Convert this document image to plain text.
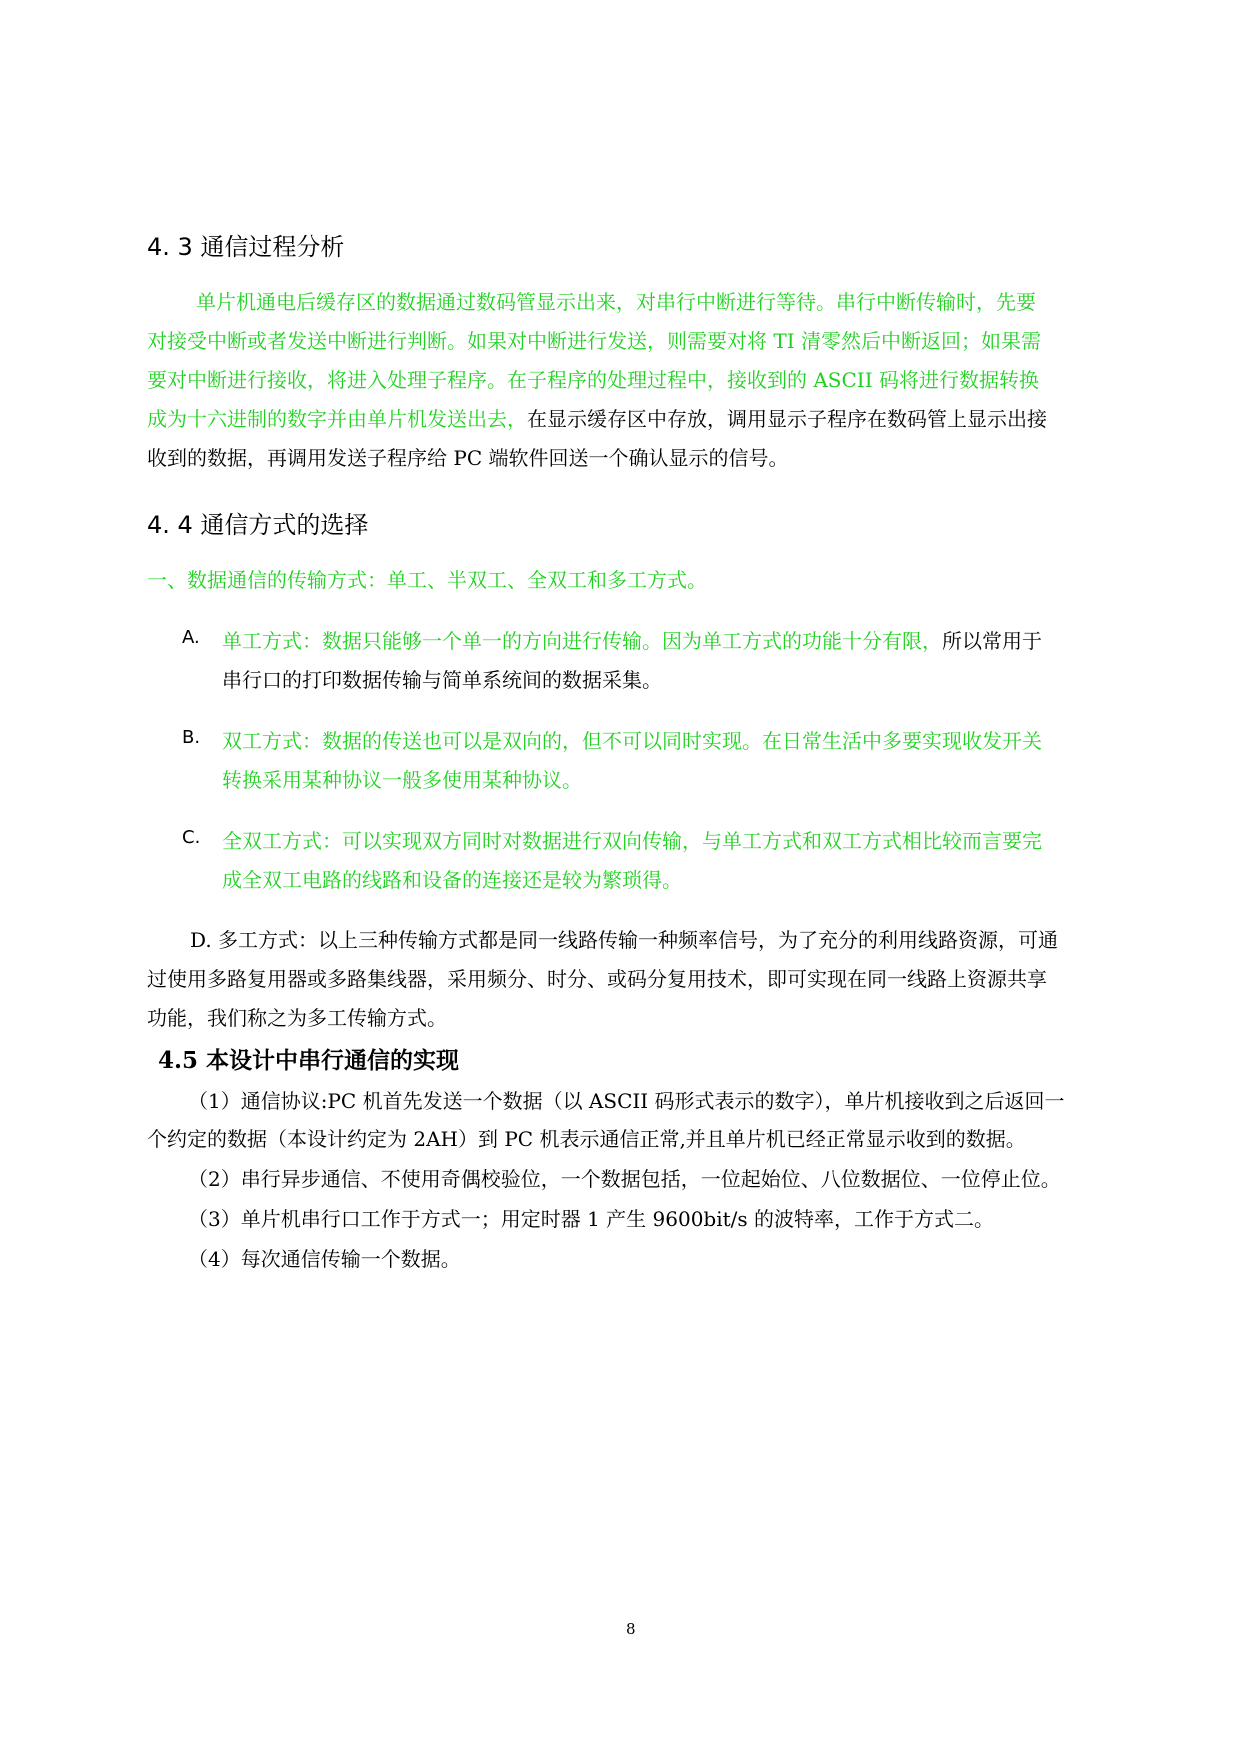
4. 3 通信过程分析
单片机通电后缓存区的数据通过数码管显示出来，对串行中断进行等待。串行中断传输时，先要
对接受中断或者发送中断进行判断。如果对中断进行发送，则需要对将 TI 清零然后中断返回；如果需
要对中断进行接收，将进入处理子程序。在子程序的处理过程中，接收到的 ASCII 码将进行数据转换
成为十六进制的数字并由单片机发送出去，在显示缓存区中存放，调用显示子程序在数码管上显示出接
收到的数据，再调用发送子程序给 PC 端软件回送一个确认显示的信号。
4. 4 通信方式的选择
一、数据通信的传输方式：单工、半双工、全双工和多工方式。
A. 单工方式：数据只能够一个单一的方向进行传输。因为单工方式的功能十分有限，所以常用于
串行口的打印数据传输与简单系统间的数据采集。
B. 双工方式：数据的传送也可以是双向的，但不可以同时实现。在日常生活中多要实现收发开关
转换采用某种协议一般多使用某种协议。
C. 全双工方式：可以实现双方同时对数据进行双向传输，与单工方式和双工方式相比较而言要完
成全双工电路的线路和设备的连接还是较为繁琐得。
D. 多工方式：以上三种传输方式都是同一线路传输一种频率信号，为了充分的利用线路资源，可通
过使用多路复用器或多路集线器，采用频分、时分、或码分复用技术，即可实现在同一线路上资源共享
功能，我们称之为多工传输方式。
4.5 本设计中串行通信的实现
（1）通信协议:PC 机首先发送一个数据（以 ASCII 码形式表示的数字），单片机接收到之后返回一
个约定的数据（本设计约定为 2AH）到 PC 机表示通信正常,并且单片机已经正常显示收到的数据。
（2）串行异步通信、不使用奇偶校验位，一个数据包括，一位起始位、八位数据位、一位停止位。
（3）单片机串行口工作于方式一；用定时器 1 产生 9600bit/s 的波特率，工作于方式二。
（4）每次通信传输一个数据。
8
